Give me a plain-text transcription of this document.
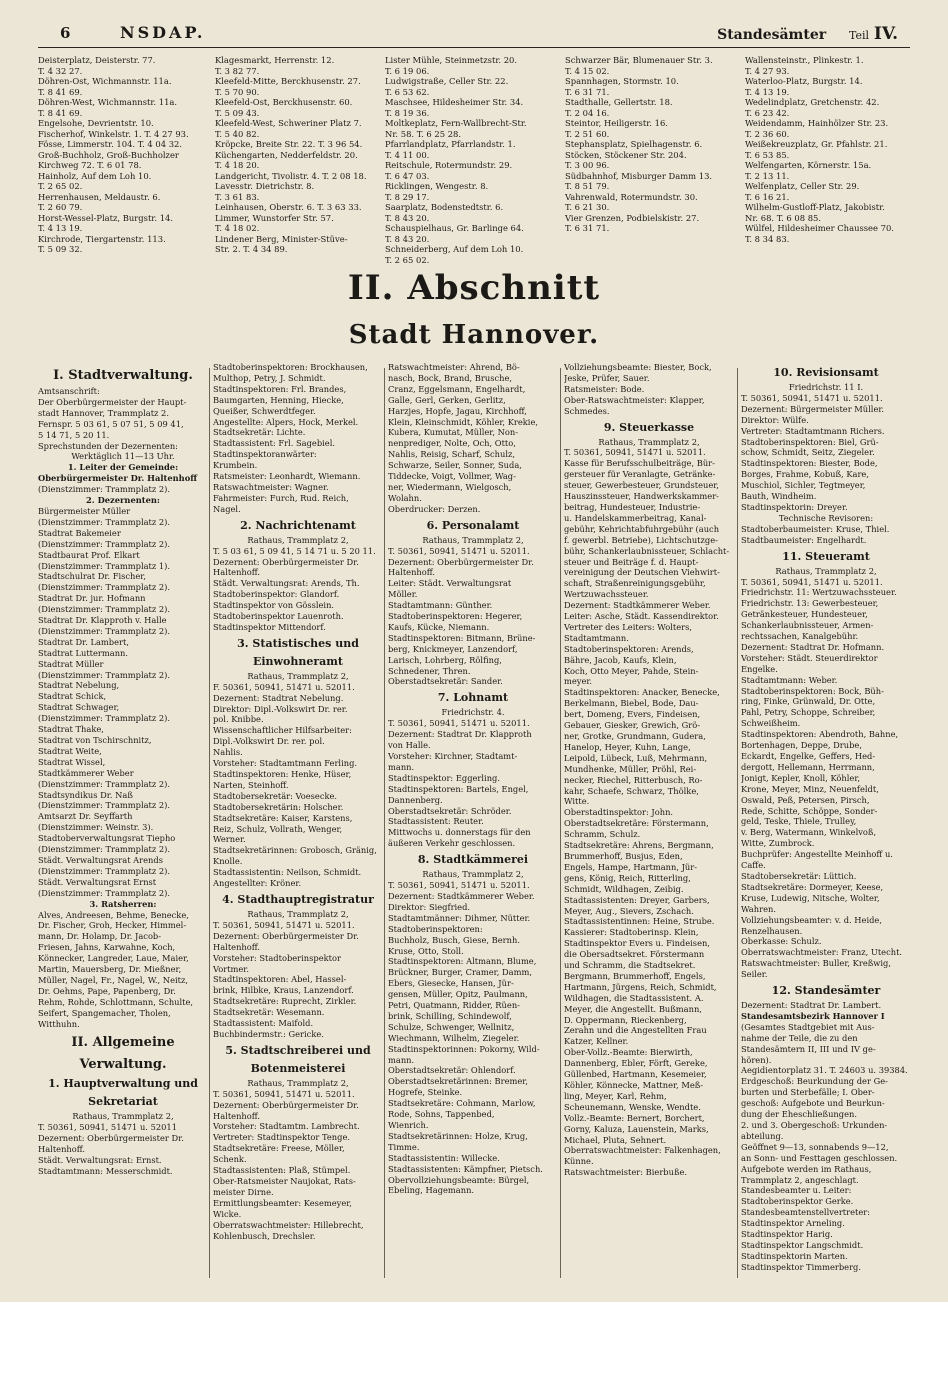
6	NSDAP.	Standesämter Teil IV.
Deisterplatz, Deisterstr. 77.
T. 4 32 27.
Döhren-Ost, Wichmannstr. 11a.
T. 8 41 69.
Döhren-West, Wichmannstr. 11a.
T. 8 41 69.
Engelsohe, Devrientstr. 10.
Fischerhof, Winkelstr. 1. T. 4 27 93.
Fösse, Limmerstr. 104. T. 4 04 32.
Groß-Buchholz, Groß-Buchholzer
Kirchweg 72. T. 6 01 78.
Hainholz, Auf dem Loh 10.
T. 2 65 02.
Herrenhausen, Meldaustr. 6.
T. 2 60 79.
Horst-Wessel-Platz, Burgstr. 14.
T. 4 13 19.
Kirchrode, Tiergartenstr. 113.
T. 5 09 32.
Klagesmarkt, Herrenstr. 12.
T. 3 82 77.
Kleefeld-Mitte, Berckhusenstr. 27.
T. 5 70 90.
Kleefeld-Ost, Berckhusenstr. 60.
T. 5 09 43.
Kleefeld-West, Schweriner Platz 7.
T. 5 40 82.
Kröpcke, Breite Str. 22. T. 3 96 54.
Küchengarten, Nedderfeldstr. 20.
T. 4 18 20.
Landgericht, Tivolistr. 4. T. 2 08 18.
Lavesstr. Dietrichstr. 8.
T. 3 61 83.
Leinhausen, Oberstr. 6. T. 3 63 33.
Limmer, Wunstorfer Str. 57.
T. 4 18 02.
Lindener Berg, Minister-Stüve-
Str. 2. T. 4 34 89.
Lister Mühle, Steinmetzstr. 20.
T. 6 19 06.
Ludwigstraße, Celler Str. 22.
T. 6 53 62.
Maschsee, Hildesheimer Str. 34.
T. 8 19 36.
Moltkeplatz, Fern-Wallbrecht-Str.
Nr. 58. T. 6 25 28.
Pfarrlandplatz, Pfarrlandstr. 1.
T. 4 11 00.
Reitschule, Rotermundstr. 29.
T. 6 47 03.
Ricklingen, Wengestr. 8.
T. 8 29 17.
Saarplatz, Bodenstedtstr. 6.
T. 8 43 20.
Schauspielhaus, Gr. Barlinge 64.
T. 8 43 20.
Schneiderberg, Auf dem Loh 10.
T. 2 65 02.
Schwarzer Bär, Blumenauer Str. 3.
T. 4 15 02.
Spannhagen, Stormstr. 10.
T. 6 31 71.
Stadthalle, Gellertstr. 18.
T. 2 04 16.
Steintor, Heiligerstr. 16.
T. 2 51 60.
Stephansplatz, Spielhagenstr. 6.
Stöcken, Stöckener Str. 204.
T. 3 00 96.
Südbahnhof, Misburger Damm 13.
T. 8 51 79.
Vahrenwald, Rotermundstr. 30.
T. 6 21 30.
Vier Grenzen, Podbielskistr. 27.
T. 6 31 71.
Wallensteinstr., Plinkestr. 1.
T. 4 27 93.
Waterloo-Platz, Burgstr. 14.
T. 4 13 19.
Wedelindplatz, Gretchenstr. 42.
T. 6 23 42.
Weidendamm, Hainhölzer Str. 23.
T. 2 36 60.
Weißekreuzplatz, Gr. Pfahlstr. 21.
T. 6 53 85.
Welfengarten, Körnerstr. 15a.
T. 2 13 11.
Welfenplatz, Celler Str. 29.
T. 6 16 21.
Wilhelm-Gustloff-Platz, Jakobistr.
Nr. 68. T. 6 08 85.
Wülfel, Hildesheimer Chaussee 70.
T. 8 34 83.
II. Abschnitt
Stadt Hannover.
I. Stadtverwaltung.
Amtsanschrift:
Der Oberbürgermeister der Haupt-
stadt Hannover, Trammplatz 2.
Fernspr. 5 03 61, 5 07 51, 5 09 41,
5 14 71, 5 20 11.
Sprechstunden der Dezernenten:
Werktäglich 11—13 Uhr.
1. Leiter der Gemeinde:
Oberbürgermeister Dr. Haltenhoff
(Dienstzimmer: Trammplatz 2).
2. Dezernenten:
Bürgermeister Müller
(Dienstzimmer: Trammplatz 2).
Stadtrat Bakemeier
(Dienstzimmer: Trammplatz 2).
Stadtbaurat Prof. Elkart
(Dienstzimmer: Trammplatz 1).
Stadtschulrat Dr. Fischer,
(Dienstzimmer: Trammplatz 2).
Stadtrat Dr. jur. Hofmann
(Dienstzimmer: Trammplatz 2).
Stadtrat Dr. Klapproth v. Halle
(Dienstzimmer: Trammplatz 2).
Stadtrat Dr. Lambert,
Stadtrat Luttermann.
Stadtrat Müller
(Dienstzimmer: Trammplatz 2).
Stadtrat Nebelung,
Stadtrat Schick,
Stadtrat Schwager,
(Dienstzimmer: Trammplatz 2).
Stadtrat Thake,
Stadtrat von Tschirschnitz,
Stadtrat Weite,
Stadtrat Wissel,
Stadtkämmerer Weber
(Dienstzimmer: Trammplatz 2).
Stadtsyndikus Dr. Naß
(Dienstzimmer: Trammplatz 2).
Amtsarzt Dr. Seyffarth
(Dienstzimmer: Weinstr. 3).
Stadtoberverwaltungsrat Tiepho
(Dienstzimmer: Trammplatz 2).
Städt. Verwaltungsrat Arends
(Dienstzimmer: Trammplatz 2).
Städt. Verwaltungsrat Ernst
(Dienstzimmer: Trammplatz 2).
3. Ratsherren:
Alves, Andreesen, Behme, Benecke,
Dr. Fischer, Groh, Hecker, Himmel-
mann, Dr. Holamp, Dr. Jacob-
Friesen, Jahns, Karwahne, Koch,
Könnecker, Langreder, Laue, Maier,
Martin, Mauersberg, Dr. Mießner,
Müller, Nagel, Fr., Nagel, W., Neitz,
Dr. Oehms, Pape, Papenberg, Dr.
Rehm, Rohde, Schlottmann, Schulte,
Seifert, Spangemacher, Tholen,
Witthuhn.
II. Allgemeine
Verwaltung.
1. Hauptverwaltung und
Sekretariat
Rathaus, Trammplatz 2,
T. 50361, 50941, 51471 u. 52011
Dezernent: Oberbürgermeister Dr.
Haltenhoff.
Städt. Verwaltungsrat: Ernst.
Stadtamtmann: Messerschmidt.
Stadtoberinspektoren: Brockhausen,
Multhop, Petry, J. Schmidt.
Stadtinspektoren: Frl. Brandes,
Baumgarten, Henning, Hiecke,
Queißer, Schwerdtfeger.
Angestellte: Alpers, Hock, Merkel.
Stadtsekretär: Lichte.
Stadtassistent: Frl. Sagebiel.
Stadtinspektoranwärter:
Krumbein.
Ratsmeister: Leonhardt, Wiemann.
Ratswachtmeister: Wagner.
Fahrmeister: Furch, Rud. Reich,
Nagel.
2. Nachrichtenamt
Rathaus, Trammplatz 2,
T. 5 03 61, 5 09 41, 5 14 71 u. 5 20 11.
Dezernent: Oberbürgermeister Dr.
Haltenhoff.
Städt. Verwaltungsrat: Arends, Th.
Stadtoberinspektor: Glandorf.
Stadtinspektor von Gösslein.
Stadtoberinspektor Lauenroth.
Stadtinspektor Mittendorf.
3. Statistisches und
Einwohneramt
Rathaus, Trammplatz 2,
F. 50361, 50941, 51471 u. 52011.
Dezernent: Stadtrat Nebelung.
Direktor: Dipl.-Volkswirt Dr. rer.
pol. Knibbe.
Wissenschaftlicher Hilfsarbeiter:
Dipl.-Volkswirt Dr. rer. pol.
Nahlis.
Vorsteher: Stadtamtmann Ferling.
Stadtinspektoren: Henke, Hüser,
Narten, Steinhoff.
Stadtobersekretär: Voesecke.
Stadtobersekretärin: Holscher.
Stadtsekretäre: Kaiser, Karstens,
Reiz, Schulz, Vollrath, Wenger,
Werner.
Stadtsekretärinnen: Grobosch, Gränig,
Knolle.
Stadtassistentin: Neilson, Schmidt.
Angestellter: Kröner.
4. Stadthauptregistratur
Rathaus, Trammplatz 2,
T. 50361, 50941, 51471 u. 52011.
Dezernent: Oberbürgermeister Dr.
Haltenhoff.
Vorsteher: Stadtoberinspektor
Vortmer.
Stadtinspektoren: Abel, Hassel-
brink, Hilbke, Kraus, Lanzendorf.
Stadtsekretäre: Ruprecht, Zirkler.
Stadtsekretär: Wesemann.
Stadtassistent: Maifold.
Buchbindermstr.: Gericke.
5. Stadtschreiberei und
Botenmeisterei
Rathaus, Trammplatz 2,
T. 50361, 50941, 51471 u. 52011.
Dezernent: Oberbürgermeister Dr.
Haltenhoff.
Vorsteher: Stadtamtm. Lambrecht.
Vertreter: Stadtinspektor Tenge.
Stadtsekretäre: Freese, Möller,
Schenk.
Stadtassistenten: Plaß, Stümpel.
Ober-Ratsmeister Naujokat, Rats-
meister Dirne.
Ermittlungsbeamter: Kesemeyer,
Wicke.
Oberratswachtmeister: Hillebrecht,
Kohlenbusch, Drechsler.
Ratswachtmeister: Ahrend, Bö-
nasch, Bock, Brand, Brusche,
Cranz, Eggelsmann, Engelhardt,
Galle, Gerl, Gerken, Gerlitz,
Harzjes, Hopfe, Jagau, Kirchhoff,
Klein, Kleinschmidt, Köhler, Krekie,
Kubera, Kumutat, Müller, Non-
nenprediger, Nolte, Och, Otto,
Nahlis, Reisig, Scharf, Schulz,
Schwarze, Seiler, Sonner, Suda,
Tiddecke, Voigt, Vollmer, Wag-
ner, Wiedermann, Wielgosch,
Wolahn.
Oberdrucker: Derzen.
6. Personalamt
Rathaus, Trammplatz 2,
T. 50361, 50941, 51471 u. 52011.
Dezernent: Oberbürgermeister Dr.
Haltenhoff.
Leiter: Städt. Verwaltungsrat
Möller.
Stadtamtmann: Günther.
Stadtoberinspektoren: Hegerer,
Kaufs, Kücke, Niemann.
Stadtinspektoren: Bitmann, Brüne-
berg, Knickmeyer, Lanzendorf,
Larisch, Lohrberg, Rölfing,
Schnedener, Thren.
Oberstadtsekretär: Sander.
7. Lohnamt
Friedrichstr. 4.
T. 50361, 50941, 51471 u. 52011.
Dezernent: Stadtrat Dr. Klapproth
von Halle.
Vorsteher: Kirchner, Stadtamt-
mann.
Stadtinspektor: Eggerling.
Stadtinspektoren: Bartels, Engel,
Dannenberg.
Oberstadtsekretär: Schröder.
Stadtassistent: Reuter.
Mittwochs u. donnerstags für den
äußeren Verkehr geschlossen.
8. Stadtkämmerei
Rathaus, Trammplatz 2,
T. 50361, 50941, 51471 u. 52011.
Dezernent: Stadtkämmerer Weber.
Direktor: Siegfried.
Stadtamtmänner: Dihmer, Nütter.
Stadtoberinspektoren:
Buchholz, Busch, Giese, Bernh.
Kruse, Otto, Stoll.
Stadtinspektoren: Altmann, Blume,
Brückner, Burger, Cramer, Damm,
Ebers, Giesecke, Hansen, Jür-
gensen, Müller, Opitz, Paulmann,
Petri, Quatmann, Ridder, Rüen-
brink, Schilling, Schindewolf,
Schulze, Schwenger, Wellnitz,
Wiechmann, Wilhelm, Ziegeler.
Stadtinspektorinnen: Pokorny, Wild-
mann.
Oberstadtsekretär: Ohlendorf.
Oberstadtsekretärinnen: Bremer,
Hogrefe, Steinke.
Stadtsekretäre: Cohmann, Marlow,
Rode, Sohns, Tappenbed,
Wienrich.
Stadtsekretärinnen: Holze, Krug,
Timme.
Stadtassistentin: Willecke.
Stadtassistenten: Kämpfner, Pietsch.
Obervollziehungsbeamte: Bürgel,
Ebeling, Hagemann.
Vollziehungsbeamte: Biester, Bock,
Jeske, Prüfer, Sauer.
Ratsmeister: Bode.
Ober-Ratswachtmeister: Klapper,
Schmedes.
9. Steuerkasse
Rathaus, Trammplatz 2,
T. 50361, 50941, 51471 u. 52011.
Kasse für Berufsschulbeiträge, Bür-
gersteuer für Veranlagte, Getränke-
steuer, Gewerbesteuer, Grundsteuer,
Hauszinssteuer, Handwerkskammer-
beitrag, Hundesteuer, Industrie-
u. Handelskammerbeitrag, Kanal-
gebühr, Kehrichtabfuhrgebühr (auch
f. gewerbl. Betriebe), Lichtschutzge-
bühr, Schankerlaubnissteuer, Schlacht-
steuer und Beiträge f. d. Haupt-
vereinigung der Deutschen Viehwirt-
schaft, Straßenreinigungsgebühr,
Wertzuwachssteuer.
Dezernent: Stadtkämmerer Weber.
Leiter: Asche, Städt. Kassendirektor.
Vertreter des Leiters: Wolters,
Stadtamtmann.
Stadtoberinspektoren: Arends,
Bähre, Jacob, Kaufs, Klein,
Koch, Otto Meyer, Pahde, Stein-
meyer.
Stadtinspektoren: Anacker, Benecke,
Berkelmann, Biebel, Bode, Dau-
bert, Domeng, Evers, Findeisen,
Gebauer, Giesker, Grewich, Grö-
ner, Grotke, Grundmann, Gudera,
Hanelop, Heyer, Kuhn, Lange,
Leipold, Lübeck, Luß, Mehrmann,
Mundhenke, Müller, Pröhl, Rei-
necker, Riechel, Ritterbusch, Ro-
kahr, Schaefe, Schwarz, Thölke,
Witte.
Oberstadtinspektor: John.
Oberstadtsekretäre: Förstermann,
Schramm, Schulz.
Stadtsekretäre: Ahrens, Bergmann,
Brummerhoff, Busjus, Eden,
Engels, Hampe, Hartmann, Jür-
gens, König, Reich, Ritterling,
Schmidt, Wildhagen, Zeibig.
Stadtassistenten: Dreyer, Garbers,
Meyer, Aug., Sievers, Zschach.
Stadtassistentinnen: Heine, Strube.
Kassierer: Stadtoberinsp. Klein,
Stadtinspektor Evers u. Findeisen,
die Obersadtsekret. Förstermann
und Schramm, die Stadtsekret.
Bergmann, Brummerhoff, Engels,
Hartmann, Jürgens, Reich, Schmidt,
Wildhagen, die Stadtassistent. A.
Meyer, die Angestellt. Bußmann,
D. Oppermann, Rieckenberg,
Zerahn und die Angestellten Frau
Katzer, Kellner.
Ober-Vollz.-Beamte: Bierwirth,
Dannenberg, Ebler, Förft, Gereke,
Güllenbed, Hartmann, Kesemeier,
Köhler, Könnecke, Mattner, Meß-
ling, Meyer, Karl, Rehm,
Scheunemann, Wenske, Wendte.
Vollz.-Beamte: Bernert, Borchert,
Gorny, Kaluza, Lauenstein, Marks,
Michael, Pluta, Sehnert.
Oberratswachtmeister: Falkenhagen,
Künne.
Ratswachtmeister: Bierbuße.
10. Revisionsamt
Friedrichstr. 11 I.
T. 50361, 50941, 51471 u. 52011.
Dezernent: Bürgermeister Müller.
Direktor: Wülfe.
Vertreter: Stadtamtmann Richers.
Stadtoberinspektoren: Biel, Grü-
schow, Schmidt, Seitz, Ziegeler.
Stadtinspektoren: Biester, Bode,
Borges, Frahme, Kobuß, Kare,
Muschiol, Sichler, Tegtmeyer,
Bauth, Windheim.
Stadtinspektorin: Dreyer.
Technische Revisoren:
Stadtoberbaumeister: Kruse, Thiel.
Stadtbaumeister: Engelhardt.
11. Steueramt
Rathaus, Trammplatz 2,
T. 50361, 50941, 51471 u. 52011.
Friedrichstr. 11: Wertzuwachssteuer.
Friedrichstr. 13: Gewerbesteuer,
Getränkesteuer, Hundesteuer,
Schankerlaubnissteuer, Armen-
rechtssachen, Kanalgebühr.
Dezernent: Stadtrat Dr. Hofmann.
Vorsteher: Städt. Steuerdirektor
Engelke.
Stadtamtmann: Weber.
Stadtoberinspektoren: Bock, Büh-
ring, Finke, Grünwald, Dr. Otte,
Pahl, Petry, Schoppe, Schreiber,
Schweißheim.
Stadtinspektoren: Abendroth, Bahne,
Bortenhagen, Deppe, Drube,
Eckardt, Engelke, Geffers, Hed-
dergott, Hellemann, Herrmann,
Jonigt, Kepler, Knoll, Köhler,
Krone, Meyer, Minz, Neuenfeldt,
Oswald, Peß, Petersen, Pirsch,
Rede, Schitte, Schöppe, Sonder-
geld, Teske, Thiele, Trulley,
v. Berg, Watermann, Winkelvoß,
Witte, Zumbrock.
Buchprüfer: Angestellte Meinhoff u.
Caffe.
Stadtobersekretär: Lüttich.
Stadtsekretäre: Dormeyer, Keese,
Kruse, Ludewig, Nitsche, Wolter,
Wahren.
Vollziehungsbeamter: v. d. Heide,
Renzelhausen.
Oberkasse: Schulz.
Oberratswachtmeister: Franz, Utecht.
Ratswachtmeister: Buller, Kreßwig,
Seiler.
12. Standesämter
Dezernent: Stadtrat Dr. Lambert.
Standesamtsbezirk Hannover I
(Gesamtes Stadtgebiet mit Aus-
nahme der Teile, die zu den
Standesämtern II, III und IV ge-
hören).
Aegidientorplatz 31. T. 24603 u. 39384.
Erdgeschoß: Beurkundung der Ge-
burten und Sterbefälle; I. Ober-
geschoß: Aufgebote und Beurkun-
dung der Eheschließungen.
2. und 3. Obergeschoß: Urkunden-
abteilung.
Geöffnet 9—13, sonnabends 9—12,
an Sonn- und Festtagen geschlossen.
Aufgebote werden im Rathaus,
Trammplatz 2, angeschlagt.
Standesbeamter u. Leiter:
Stadtoberinspektor Gerke.
Standesbeamtenstellvertreter:
Stadtinspektor Arneling.
Stadtinspektor Harig.
Stadtinspektor Langschmidt.
Stadtinspektorin Marten.
Stadtinspektor Timmerberg.
